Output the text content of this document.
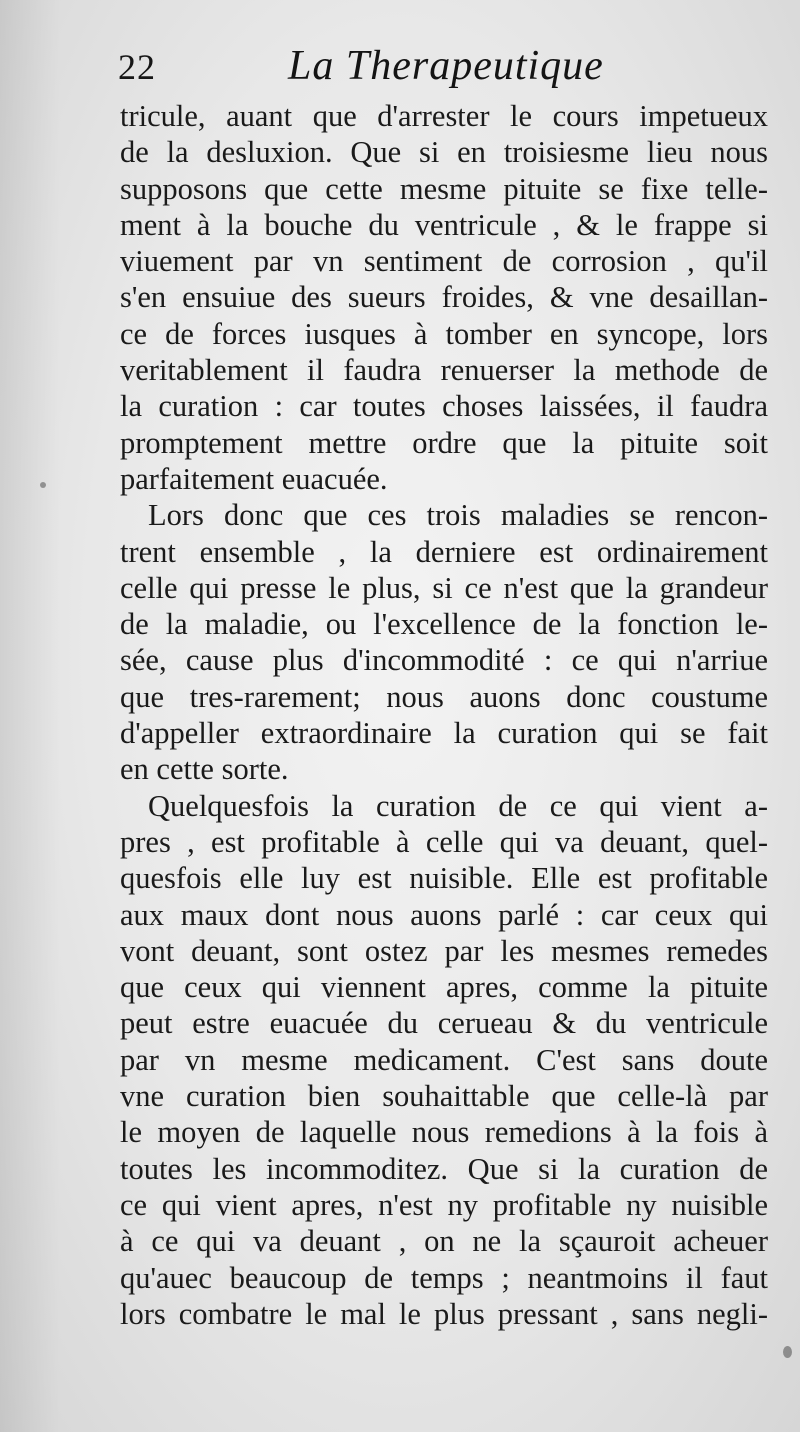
22	La Therapeutique
tricule, auant que d'arrester le cours impetueux
de la desluxion. Que si en troisiesme lieu nous
supposons que cette mesme pituite se fixe telle-
ment à la bouche du ventricule , & le frappe si
viuement par vn sentiment de corrosion , qu'il
s'en ensuiue des sueurs froides, & vne desaillan-
ce de forces iusques à tomber en syncope, lors
veritablement il faudra renuerser la methode de
la curation : car toutes choses laissées, il faudra
promptement mettre ordre que la pituite soit
parfaitement euacuée.
Lors donc que ces trois maladies se rencon-
trent ensemble , la derniere est ordinairement
celle qui presse le plus, si ce n'est que la grandeur
de la maladie, ou l'excellence de la fonction le-
sée, cause plus d'incommodité : ce qui n'arriue
que tres-rarement; nous auons donc coustume
d'appeller extraordinaire la curation qui se fait
en cette sorte.
Quelquesfois la curation de ce qui vient a-
pres , est profitable à celle qui va deuant, quel-
quesfois elle luy est nuisible. Elle est profitable
aux maux dont nous auons parlé : car ceux qui
vont deuant, sont ostez par les mesmes remedes
que ceux qui viennent apres, comme la pituite
peut estre euacuée du cerueau & du ventricule
par vn mesme medicament. C'est sans doute
vne curation bien souhaittable que celle-là par
le moyen de laquelle nous remedions à la fois à
toutes les incommoditez. Que si la curation de
ce qui vient apres, n'est ny profitable ny nuisible
à ce qui va deuant , on ne la sçauroit acheuer
qu'auec beaucoup de temps ; neantmoins il faut
lors combatre le mal le plus pressant , sans negli-
